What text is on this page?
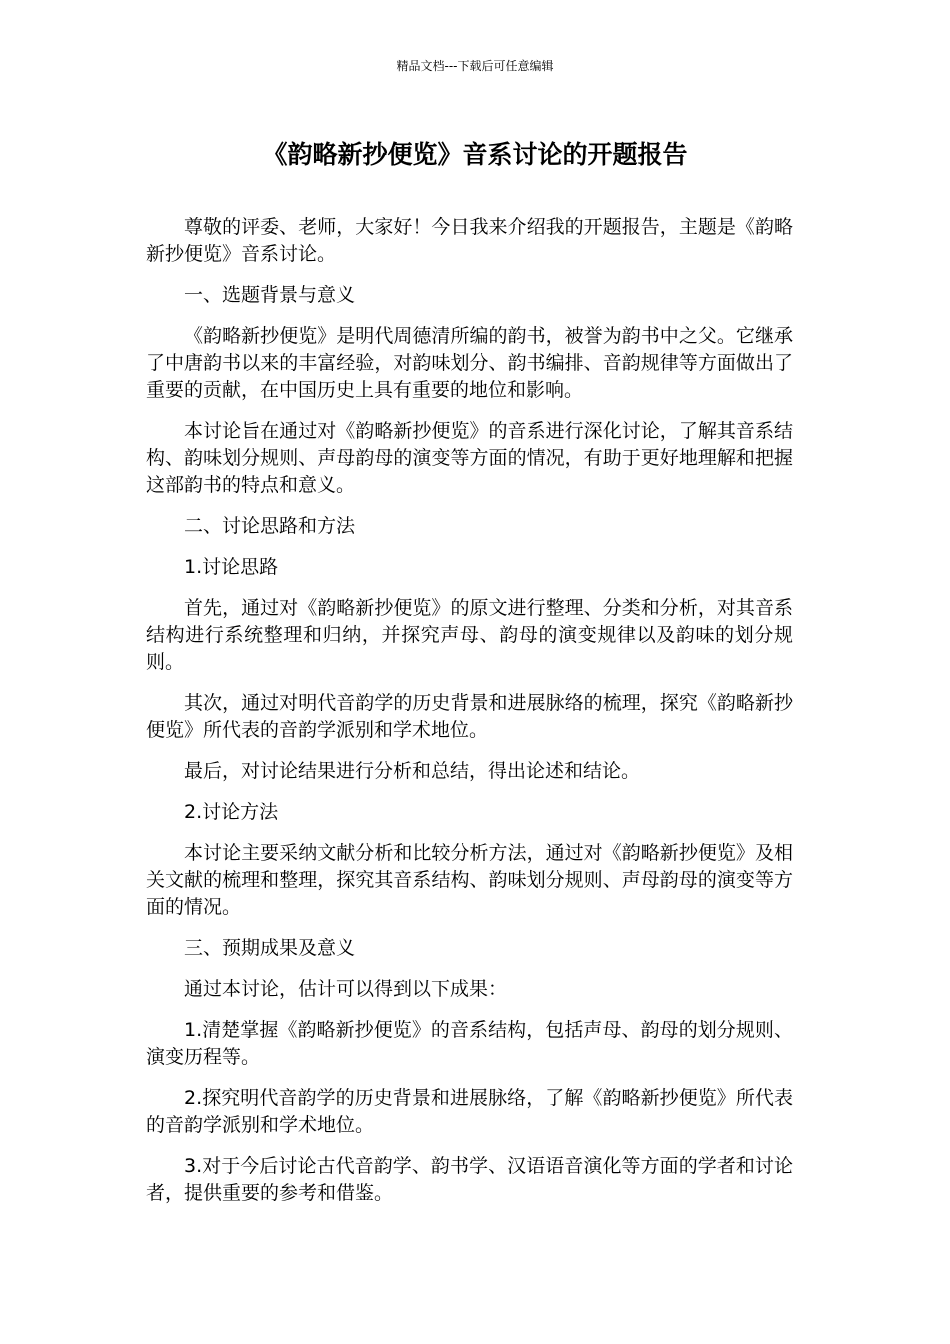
精品文档---下载后可任意编辑
《韵略新抄便览》音系讨论的开题报告

尊敬的评委、老师，大家好！今日我来介绍我的开题报告，主题是《韵略新抄便览》音系讨论。

一、选题背景与意义

《韵略新抄便览》是明代周德清所编的韵书，被誉为韵书中之父。它继承了中唐韵书以来的丰富经验，对韵味划分、韵书编排、音韵规律等方面做出了重要的贡献，在中国历史上具有重要的地位和影响。

本讨论旨在通过对《韵略新抄便览》的音系进行深化讨论，了解其音系结构、韵味划分规则、声母韵母的演变等方面的情况，有助于更好地理解和把握这部韵书的特点和意义。

二、讨论思路和方法

1.讨论思路

首先，通过对《韵略新抄便览》的原文进行整理、分类和分析，对其音系结构进行系统整理和归纳，并探究声母、韵母的演变规律以及韵味的划分规则。

其次，通过对明代音韵学的历史背景和进展脉络的梳理，探究《韵略新抄便览》所代表的音韵学派别和学术地位。

最后，对讨论结果进行分析和总结，得出论述和结论。

2.讨论方法

本讨论主要采纳文献分析和比较分析方法，通过对《韵略新抄便览》及相关文献的梳理和整理，探究其音系结构、韵味划分规则、声母韵母的演变等方面的情况。

三、预期成果及意义

通过本讨论，估计可以得到以下成果：

1.清楚掌握《韵略新抄便览》的音系结构，包括声母、韵母的划分规则、演变历程等。

2.探究明代音韵学的历史背景和进展脉络，了解《韵略新抄便览》所代表的音韵学派别和学术地位。

3.对于今后讨论古代音韵学、韵书学、汉语语音演化等方面的学者和讨论者，提供重要的参考和借鉴。
